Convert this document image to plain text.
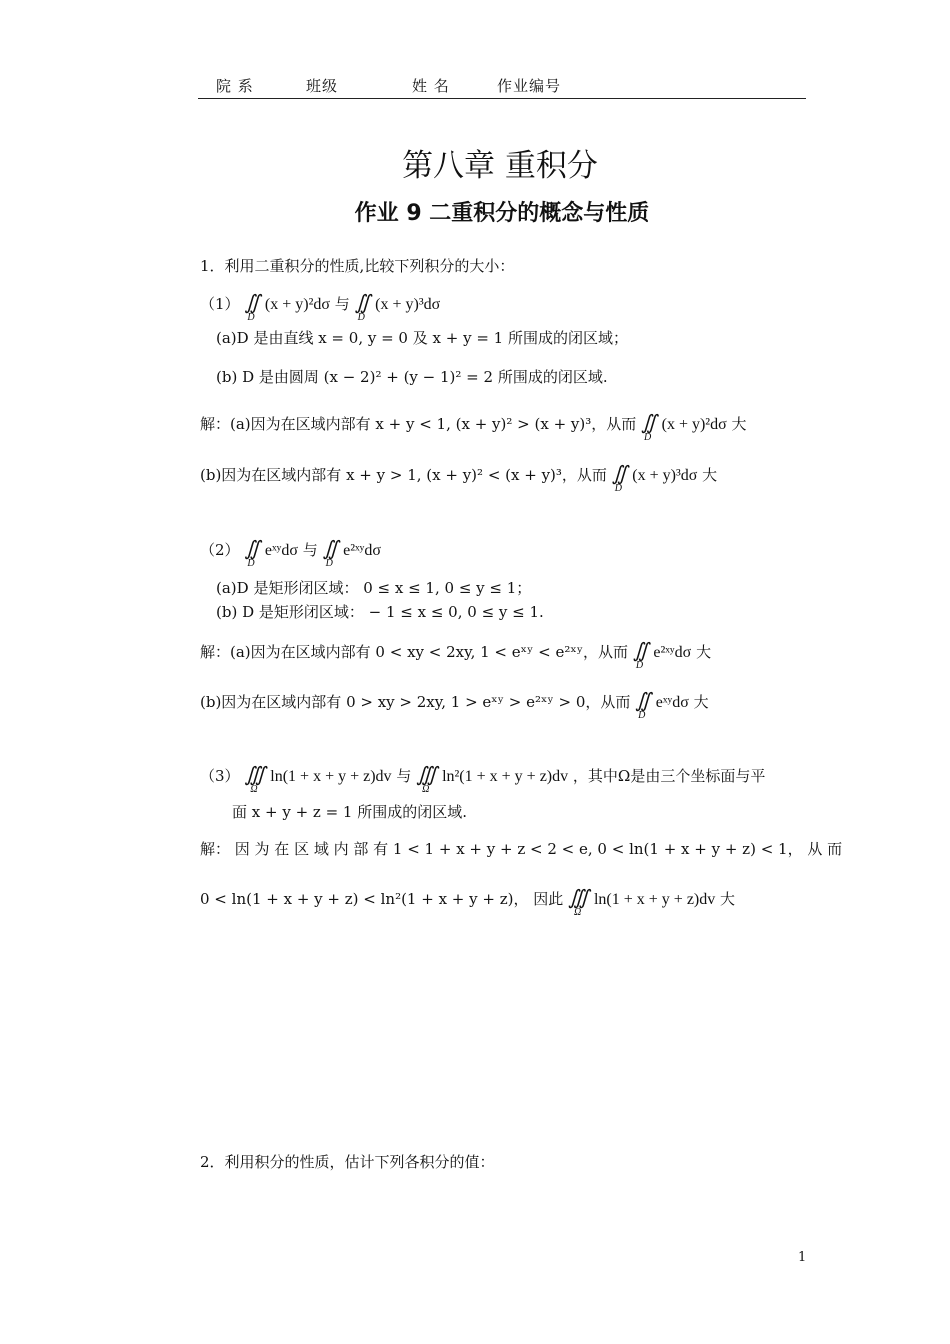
院 系	班级	姓 名	作业编号
第八章 重积分
作业 9 二重积分的概念与性质
1．利用二重积分的性质,比较下列积分的大小：
（1） ∬
D
(x + y)²dσ 与 ∬
D
(x + y)³dσ
(a)D 是由直线 x = 0, y = 0 及 x + y = 1 所围成的闭区域；
(b) D 是由圆周 (x − 2)² + (y − 1)² = 2 所围成的闭区域.
解：(a)因为在区域内部有 x + y < 1, (x + y)² > (x + y)³，从而 ∬
D
(x + y)²dσ 大
(b)因为在区域内部有 x + y > 1, (x + y)² < (x + y)³，从而 ∬
D
(x + y)³dσ 大
（2） ∬
D
eˣʸdσ 与 ∬
D
e²ˣʸdσ
(a)D 是矩形闭区域： 0 ≤ x ≤ 1, 0 ≤ y ≤ 1；
(b) D 是矩形闭区域： − 1 ≤ x ≤ 0, 0 ≤ y ≤ 1.
解：(a)因为在区域内部有 0 < xy < 2xy, 1 < eˣʸ < e²ˣʸ，从而 ∬
D
e²ˣʸdσ 大
(b)因为在区域内部有 0 > xy > 2xy, 1 > eˣʸ > e²ˣʸ > 0，从而 ∬
D
eˣʸdσ 大
（3） ∭
Ω
ln(1 + x + y + z)dv 与 ∭
Ω
ln²(1 + x + y + z)dv ，其中Ω是由三个坐标面与平
面 x + y + z = 1 所围成的闭区域.
解： 因 为 在 区 域 内 部 有 1 < 1 + x + y + z < 2 < e, 0 < ln(1 + x + y + z) < 1， 从 而
0 < ln(1 + x + y + z) < ln²(1 + x + y + z)， 因此 ∭
Ω
ln(1 + x + y + z)dv 大
2．利用积分的性质，估计下列各积分的值：
1
